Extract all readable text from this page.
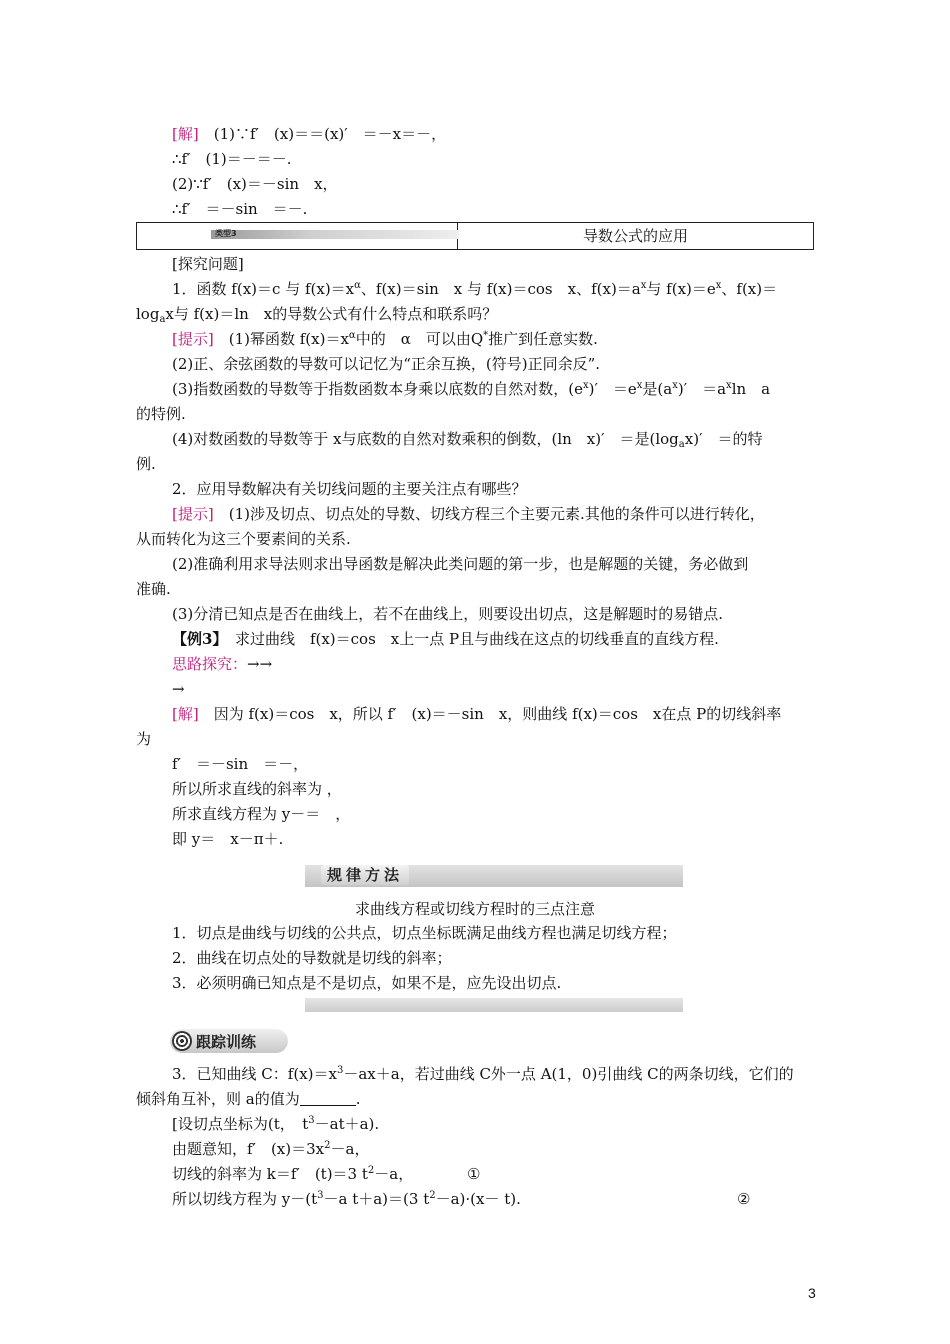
[解]　(1)∵f′　(x)＝＝(x)′　＝－x＝－，
∴f′　(1)＝－＝－.
(2)∵f′　(x)＝－sin　x，
∴f′　＝－sin　＝－.
类型3	导数公式的应用
[探究问题]
1．函数 f(x)＝c 与 $f(x)=x^\alpha$、f(x)＝sin　x 与 f(x)＝cos　x、$f(x)=a^x$与 $f(x)=e^x$、f(x)＝
$\log_ax$与 f(x)＝ln　x的导数公式有什么特点和联系吗？
[提示]　(1)幂函数 $f(x)=x^\alpha$中的　α　可以由Q*推广到任意实数.
(2)正、余弦函数的导数可以记忆为“正余互换，(符号)正同余反”.
(3)指数函数的导数等于指数函数本身乘以底数的自然对数，$(e^x)'$　$=e^x$是$(a^x)'$　$=a^x\ln$　a
的特例.
(4)对数函数的导数等于 x与底数的自然对数乘积的倒数，(ln　x)′　＝是$(\log_ax)'$　＝的特
例.
2．应用导数解决有关切线问题的主要关注点有哪些？
[提示]　(1)涉及切点、切点处的导数、切线方程三个主要元素.其他的条件可以进行转化，
从而转化为这三个要素间的关系.
(2)准确利用求导法则求出导函数是解决此类问题的第一步，也是解题的关键，务必做到
准确.
(3)分清已知点是否在曲线上，若不在曲线上，则要设出切点，这是解题时的易错点.
【例3】　求过曲线　f(x)＝cos　x上一点 P且与曲线在这点的切线垂直的直线方程.
思路探究：→→
→
[解]　因为 f(x)＝cos　x，所以 f′　(x)＝－sin　x，则曲线 f(x)＝cos　x在点 P的切线斜率
为
f′　＝－sin　＝－，
所以所求直线的斜率为 ，
所求直线方程为 y－＝　，
即 y＝　x－π＋.
规律方法
求曲线方程或切线方程时的三点注意
1．切点是曲线与切线的公共点，切点坐标既满足曲线方程也满足切线方程；
2．曲线在切点处的导数就是切线的斜率；
3．必须明确已知点是不是切点，如果不是，应先设出切点.
跟踪训练
3．已知曲线 C：$f(x)=x^3-ax+a$，若过曲线 C外一点 A(1，0)引曲线 C的两条切线，它们的
倾斜角互补，则 a的值为	.
[设切点坐标为(t，　$t^3-at+a$).
由题意知，f′　$(x)=3x^2-a$，
切线的斜率为 k＝f′　(t)＝3 $t^2-a$，	①
所以切线方程为 $y-(t^3-a$ t＋a)＝(3 $t^2-a)\cdot(x- t)$.	②
3
